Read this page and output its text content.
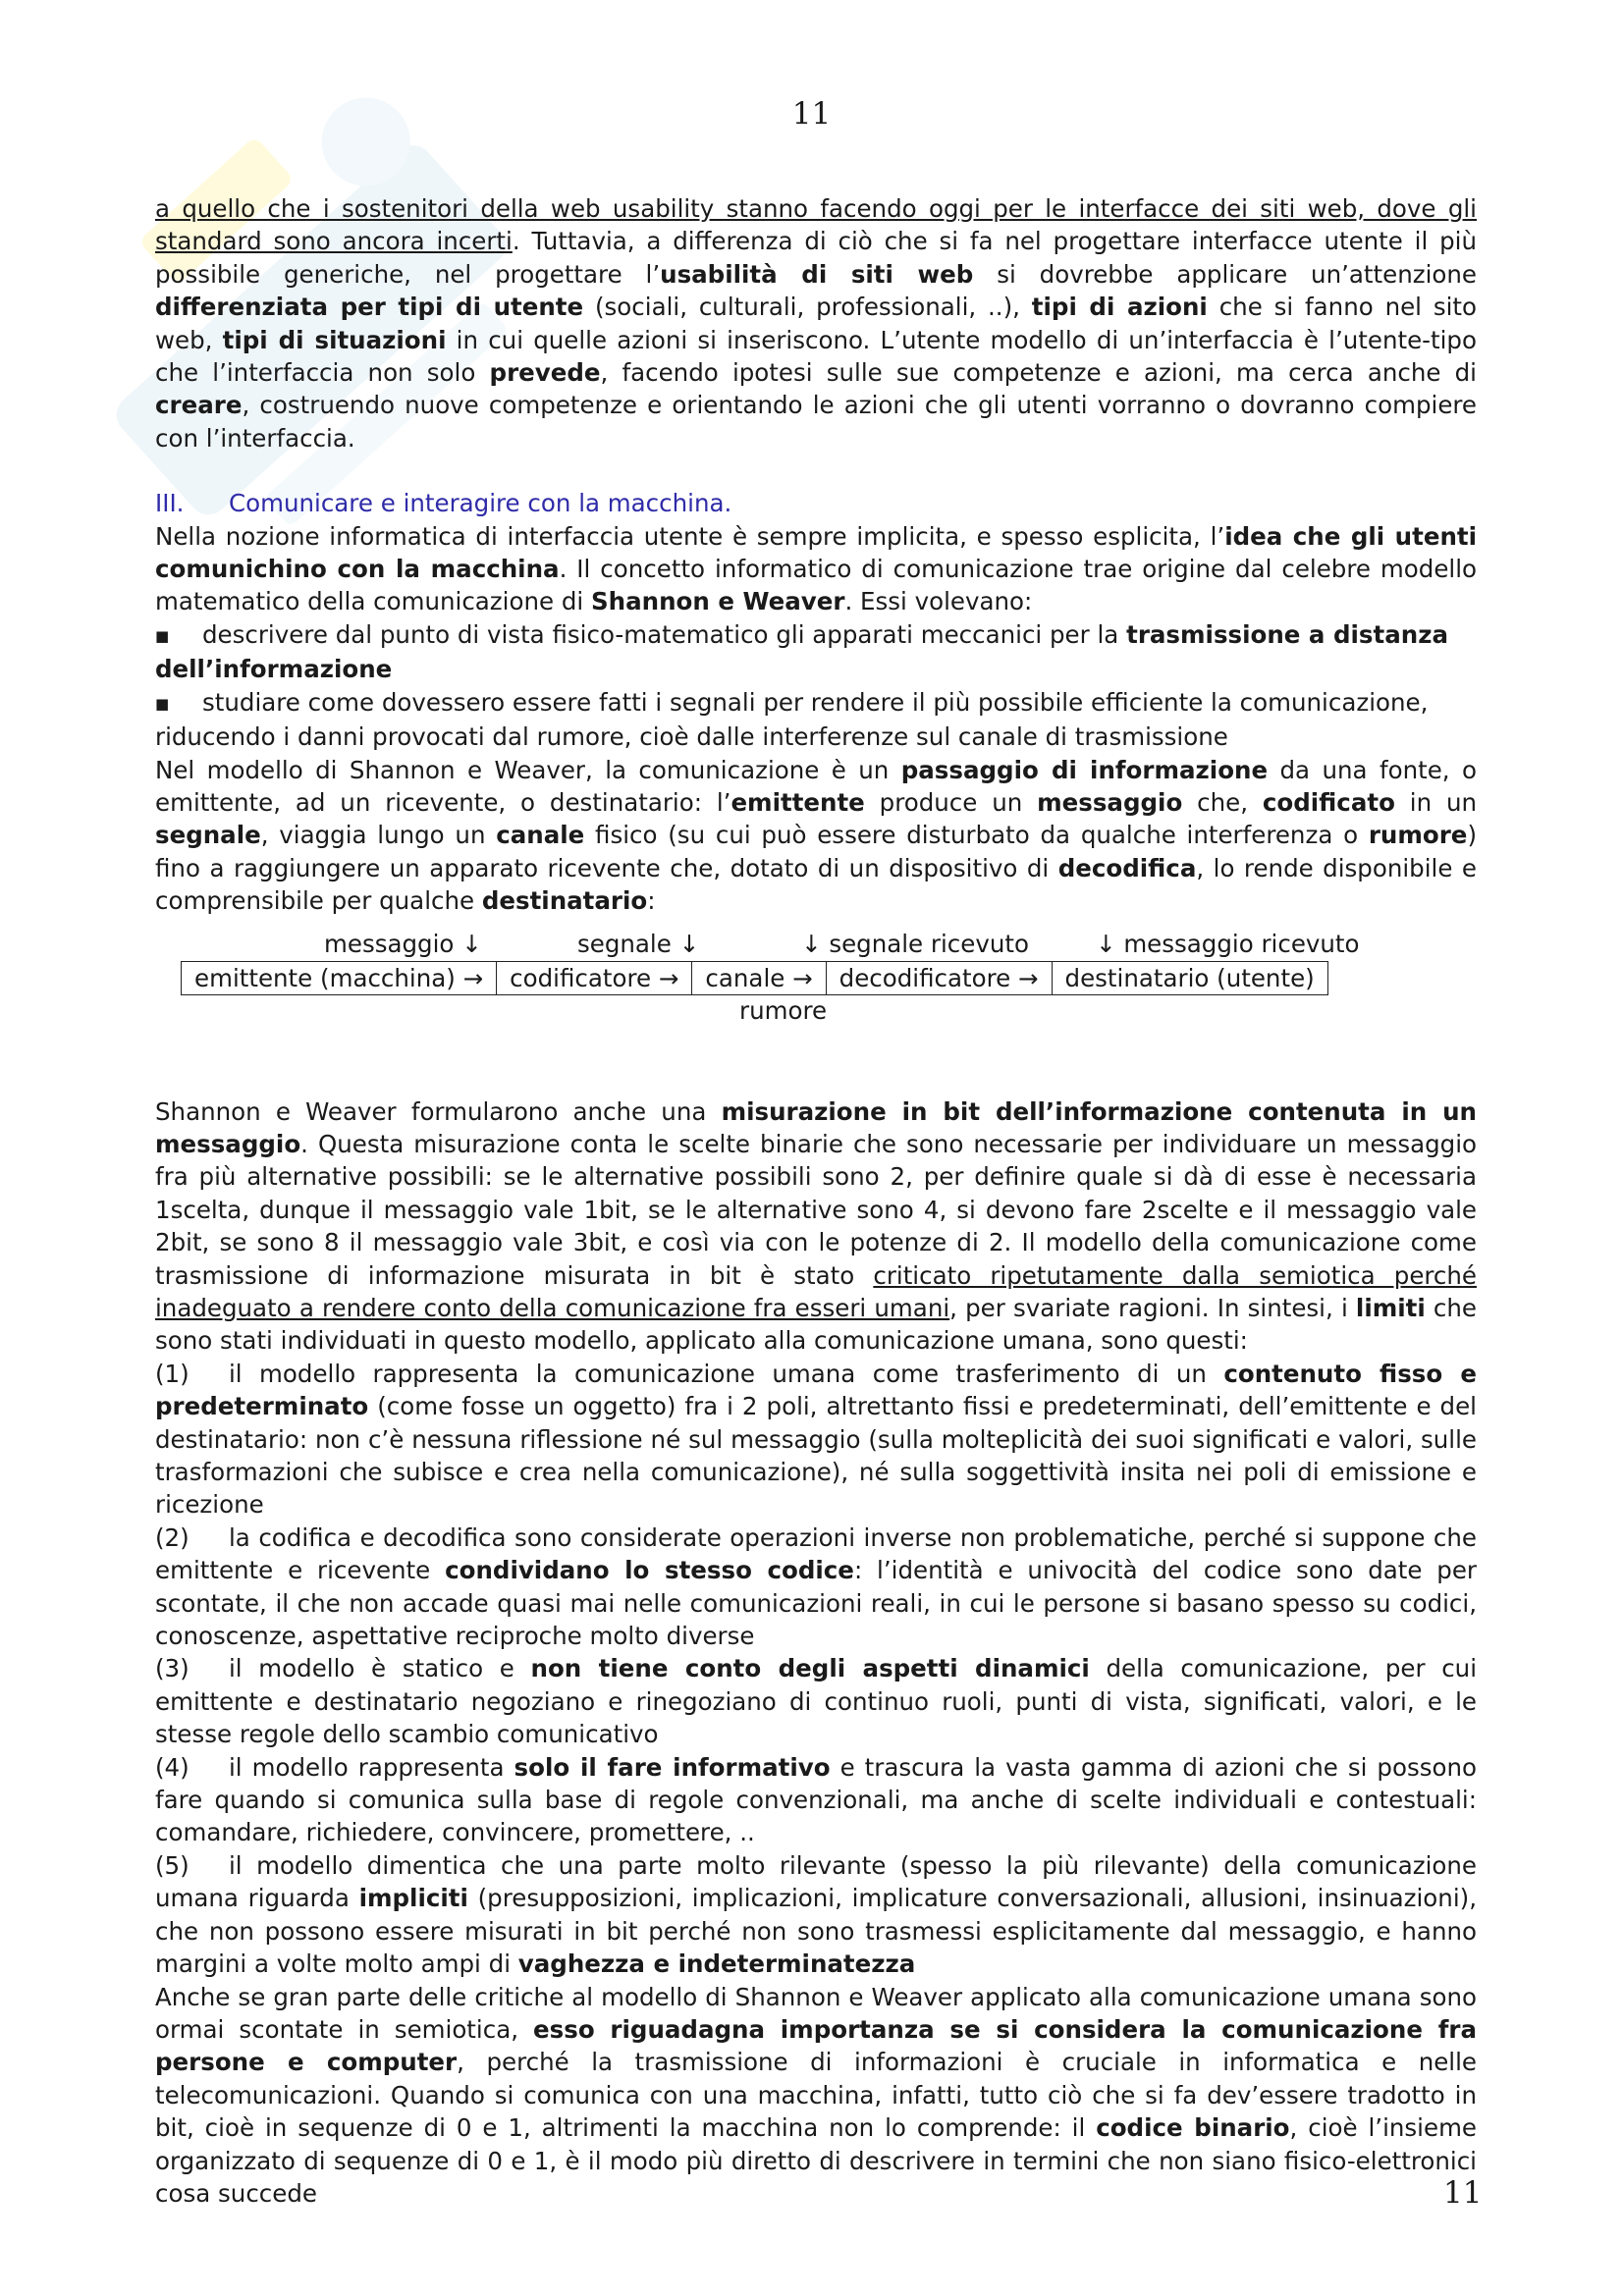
11

a quello che i sostenitori della web usability stanno facendo oggi per le interfacce dei siti web, dove gli standard sono ancora incerti. Tuttavia, a differenza di ciò che si fa nel progettare interfacce utente il più possibile generiche, nel progettare l’usabilità di siti web si dovrebbe applicare un’attenzione differenziata per tipi di utente (sociali, culturali, professionali, ..), tipi di azioni che si fanno nel sito web, tipi di situazioni in cui quelle azioni si inseriscono. L’utente modello di un’interfaccia è l’utente-tipo che l’interfaccia non solo prevede, facendo ipotesi sulle sue competenze e azioni, ma cerca anche di creare, costruendo nuove competenze e orientando le azioni che gli utenti vorranno o dovranno compiere con l’interfaccia.

III. Comunicare e interagire con la macchina.

Nella nozione informatica di interfaccia utente è sempre implicita, e spesso esplicita, l’idea che gli utenti comunichino con la macchina. Il concetto informatico di comunicazione trae origine dal celebre modello matematico della comunicazione di Shannon e Weaver. Essi volevano:

■	descrivere dal punto di vista fisico-matematico gli apparati meccanici per la trasmissione a distanza

dell’informazione

■	studiare come dovessero essere fatti i segnali per rendere il più possibile efficiente la comunicazione,

riducendo i danni provocati dal rumore, cioè dalle interferenze sul canale di trasmissione

Nel modello di Shannon e Weaver, la comunicazione è un passaggio di informazione da una fonte, o emittente, ad un ricevente, o destinatario: l’emittente produce un messaggio che, codificato in un segnale, viaggia lungo un canale fisico (su cui può essere disturbato da qualche interferenza o rumore) fino a raggiungere un apparato ricevente che, dotato di un dispositivo di decodifica, lo rende disponibile e comprensibile per qualche destinatario:

messaggio ↓	segnale ↓	↓ segnale ricevuto	↓ messaggio ricevuto
emittente (macchina) →	codificatore →	canale →	decodificatore →	destinatario (utente)
rumore

Shannon e Weaver formularono anche una misurazione in bit dell’informazione contenuta in un messaggio. Questa misurazione conta le scelte binarie che sono necessarie per individuare un messaggio fra più alternative possibili: se le alternative possibili sono 2, per definire quale si dà di esse è necessaria 1scelta, dunque il messaggio vale 1bit, se le alternative sono 4, si devono fare 2scelte e il messaggio vale 2bit, se sono 8 il messaggio vale 3bit, e così via con le potenze di 2. Il modello della comunicazione come trasmissione di informazione misurata in bit è stato criticato ripetutamente dalla semiotica perché inadeguato a rendere conto della comunicazione fra esseri umani, per svariate ragioni. In sintesi, i limiti che sono stati individuati in questo modello, applicato alla comunicazione umana, sono questi:

(1) il modello rappresenta la comunicazione umana come trasferimento di un contenuto fisso e predeterminato (come fosse un oggetto) fra i 2 poli, altrettanto fissi e predeterminati, dell’emittente e del destinatario: non c’è nessuna riflessione né sul messaggio (sulla molteplicità dei suoi significati e valori, sulle trasformazioni che subisce e crea nella comunicazione), né sulla soggettività insita nei poli di emissione e ricezione

(2) la codifica e decodifica sono considerate operazioni inverse non problematiche, perché si suppone che emittente e ricevente condividano lo stesso codice: l’identità e univocità del codice sono date per scontate, il che non accade quasi mai nelle comunicazioni reali, in cui le persone si basano spesso su codici, conoscenze, aspettative reciproche molto diverse

(3) il modello è statico e non tiene conto degli aspetti dinamici della comunicazione, per cui emittente e destinatario negoziano e rinegoziano di continuo ruoli, punti di vista, significati, valori, e le stesse regole dello scambio comunicativo

(4) il modello rappresenta solo il fare informativo e trascura la vasta gamma di azioni che si possono fare quando si comunica sulla base di regole convenzionali, ma anche di scelte individuali e contestuali: comandare, richiedere, convincere, promettere, ..

(5) il modello dimentica che una parte molto rilevante (spesso la più rilevante) della comunicazione umana riguarda impliciti (presupposizioni, implicazioni, implicature conversazionali, allusioni, insinuazioni), che non possono essere misurati in bit perché non sono trasmessi esplicitamente dal messaggio, e hanno margini a volte molto ampi di vaghezza e indeterminatezza

Anche se gran parte delle critiche al modello di Shannon e Weaver applicato alla comunicazione umana sono ormai scontate in semiotica, esso riguadagna importanza se si considera la comunicazione fra persone e computer, perché la trasmissione di informazioni è cruciale in informatica e nelle telecomunicazioni. Quando si comunica con una macchina, infatti, tutto ciò che si fa dev’essere tradotto in bit, cioè in sequenze di 0 e 1, altrimenti la macchina non lo comprende: il codice binario, cioè l’insieme organizzato di sequenze di 0 e 1, è il modo più diretto di descrivere in termini che non siano fisico-elettronici cosa succede	11
